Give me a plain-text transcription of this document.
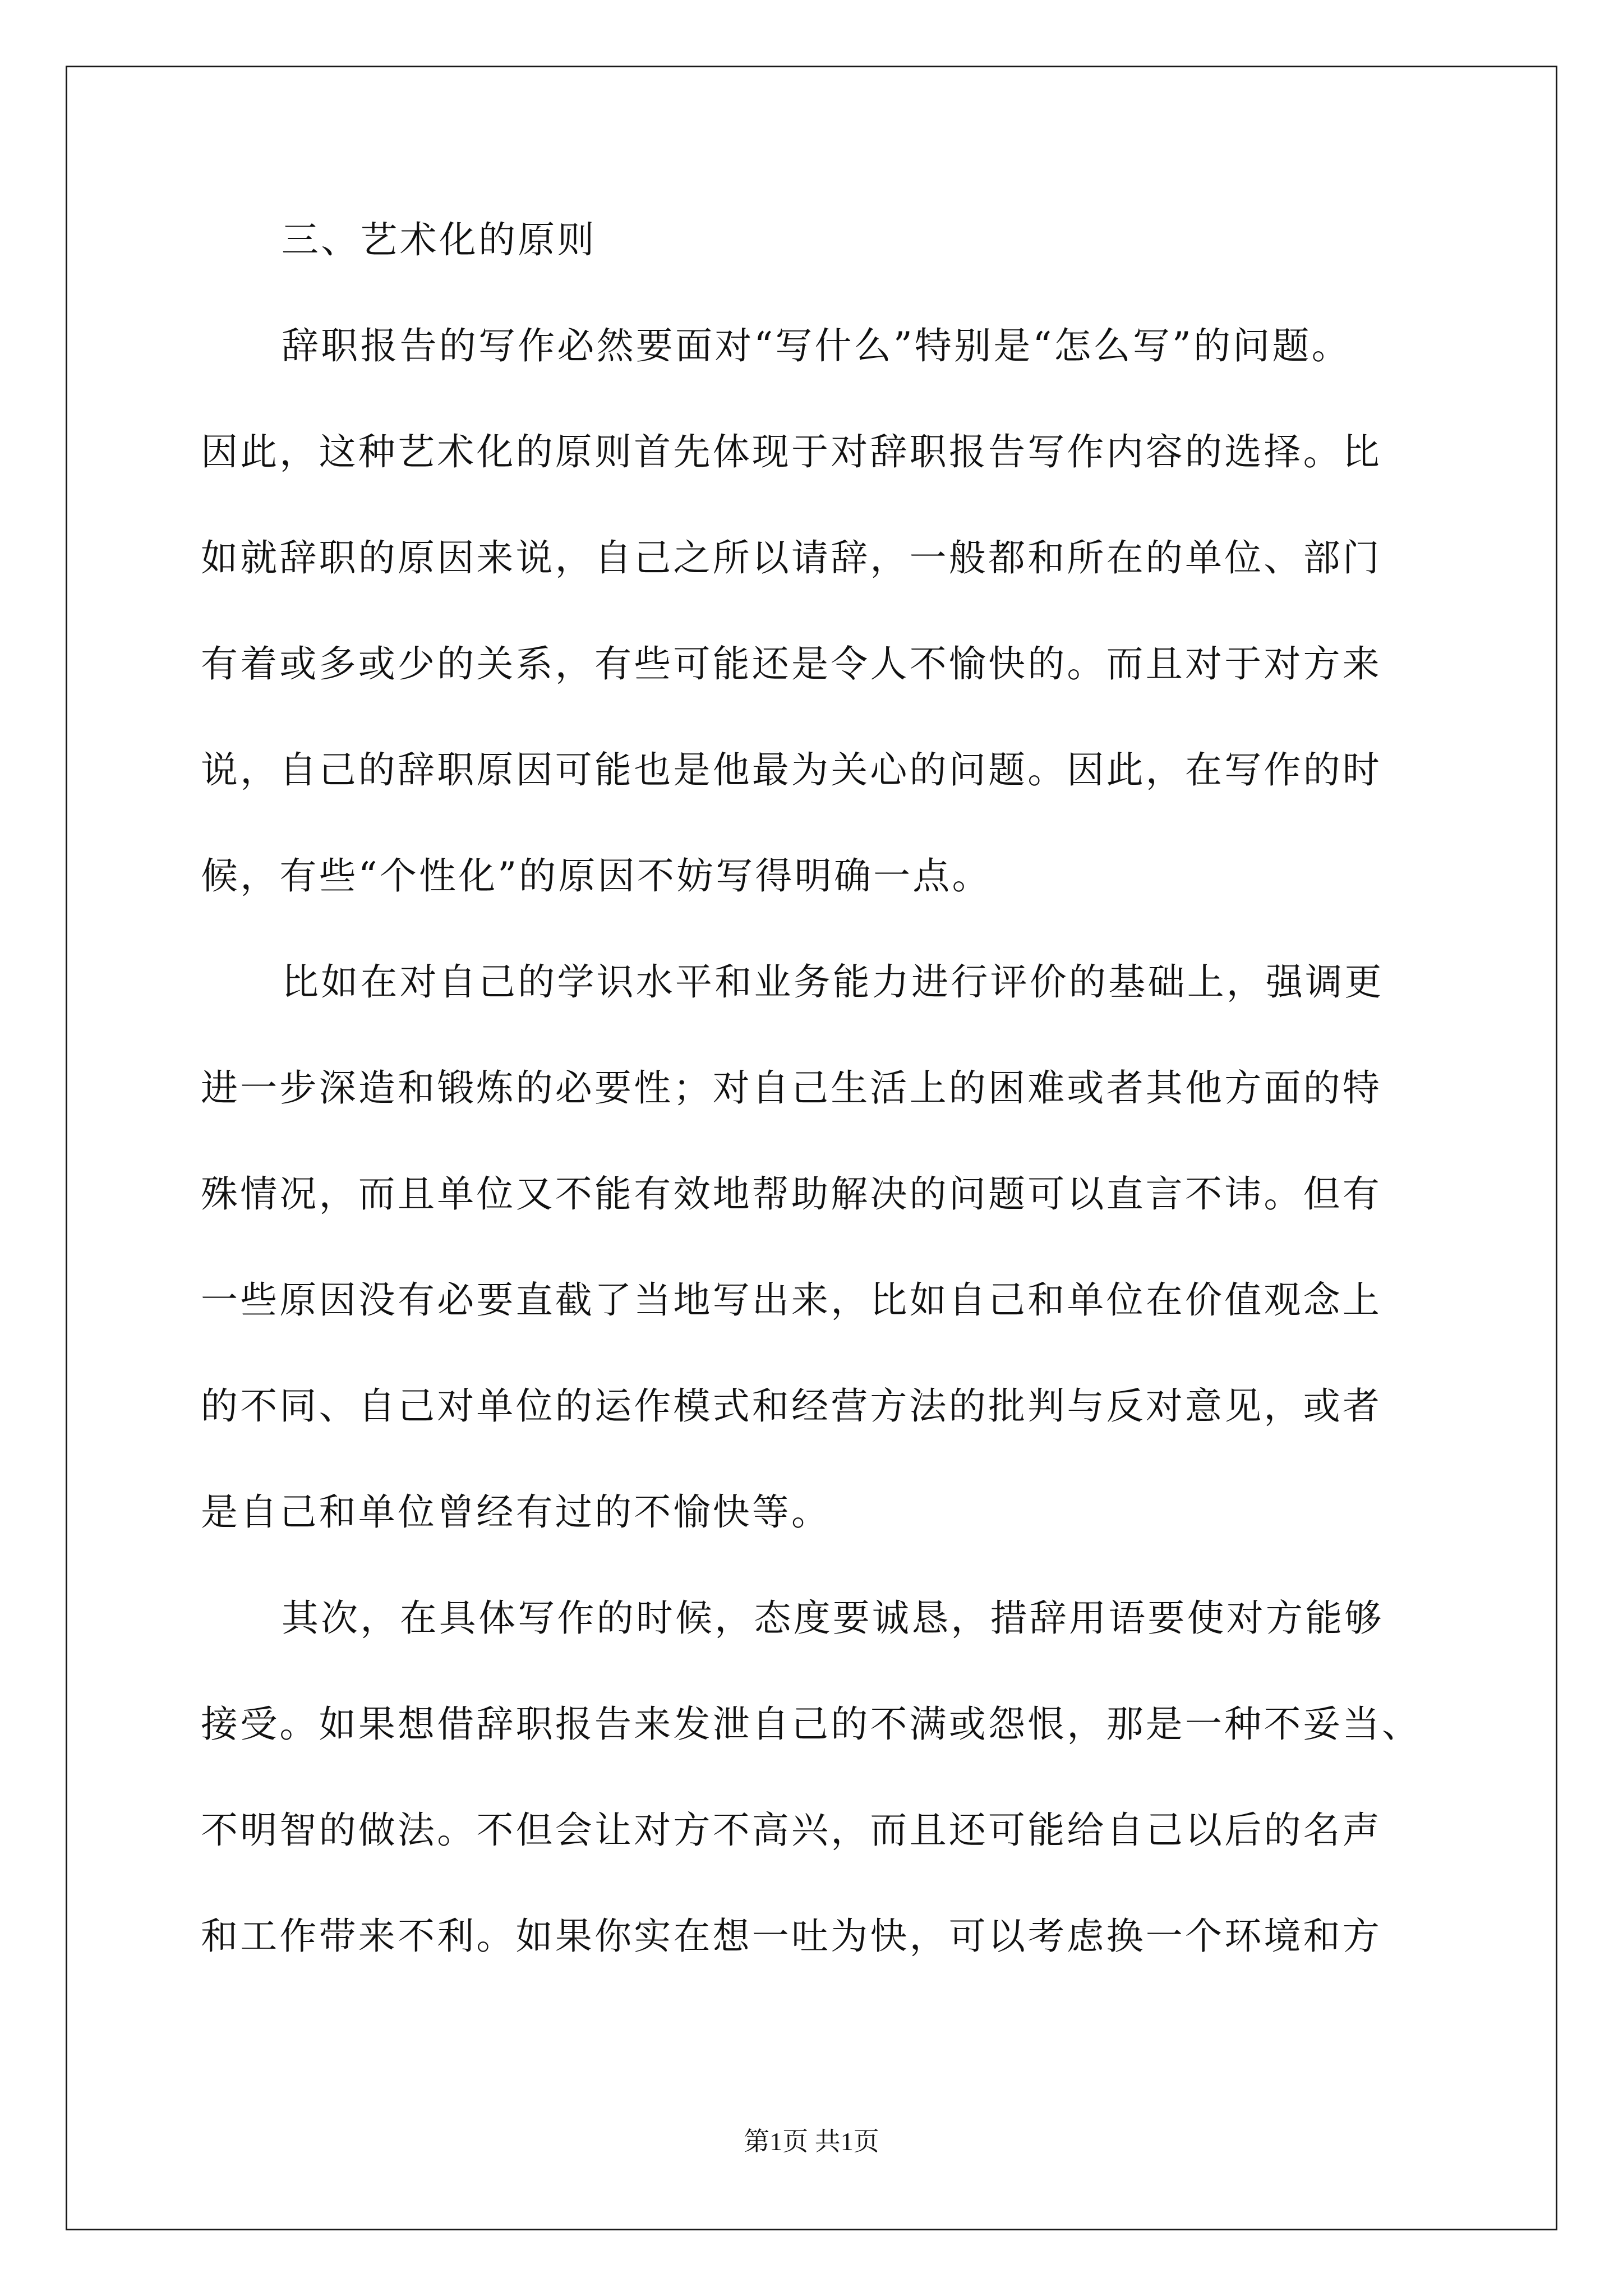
三、艺术化的原则
辞职报告的写作必然要面对“写什么”特别是“怎么写”的问题。
因此，这种艺术化的原则首先体现于对辞职报告写作内容的选择。比
如就辞职的原因来说，自己之所以请辞，一般都和所在的单位、部门
有着或多或少的关系，有些可能还是令人不愉快的。而且对于对方来
说，自己的辞职原因可能也是他最为关心的问题。因此，在写作的时
候，有些“个性化”的原因不妨写得明确一点。
比如在对自己的学识水平和业务能力进行评价的基础上，强调更
进一步深造和锻炼的必要性；对自己生活上的困难或者其他方面的特
殊情况，而且单位又不能有效地帮助解决的问题可以直言不讳。但有
一些原因没有必要直截了当地写出来，比如自己和单位在价值观念上
的不同、自己对单位的运作模式和经营方法的批判与反对意见，或者
是自己和单位曾经有过的不愉快等。
其次，在具体写作的时候，态度要诚恳，措辞用语要使对方能够
接受。如果想借辞职报告来发泄自己的不满或怨恨，那是一种不妥当、
不明智的做法。不但会让对方不高兴，而且还可能给自己以后的名声
和工作带来不利。如果你实在想一吐为快，可以考虑换一个环境和方
第1页 共1页
